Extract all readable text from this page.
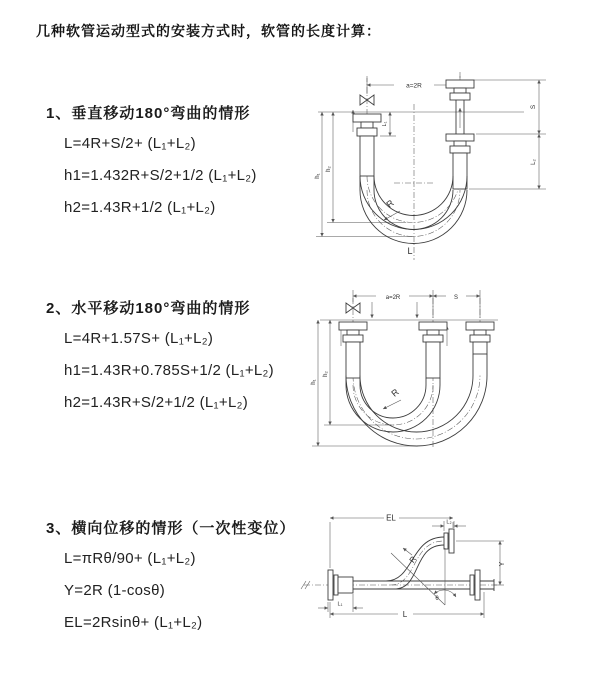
几种软管运动型式的安装方式时，软管的长度计算：
1、垂直移动180°弯曲的情形

L=4R+S/2+ (L₁+L₂)

h1=1.432R+S/2+1/2 (L₁+L₂)

h2=1.43R+1/2 (L₁+L₂)

2、水平移动180°弯曲的情形

L=4R+1.57S+ (L₁+L₂)

h1=1.43R+0.785S+1/2 (L₁+L₂)

h2=1.43R+S/2+1/2 (L₁+L₂)

3、横向位移的情形（一次性变位）

L=πRθ/90+ (L₁+L₂)

Y=2R (1-cosθ)

EL=2Rsinθ+ (L₁+L₂)

a=2R
h₁
h₂
L₁
S
L₂
R
L
a=2R	S
h₁
h₂
R
EL	L₂
Y
L
L₁
R
θ
